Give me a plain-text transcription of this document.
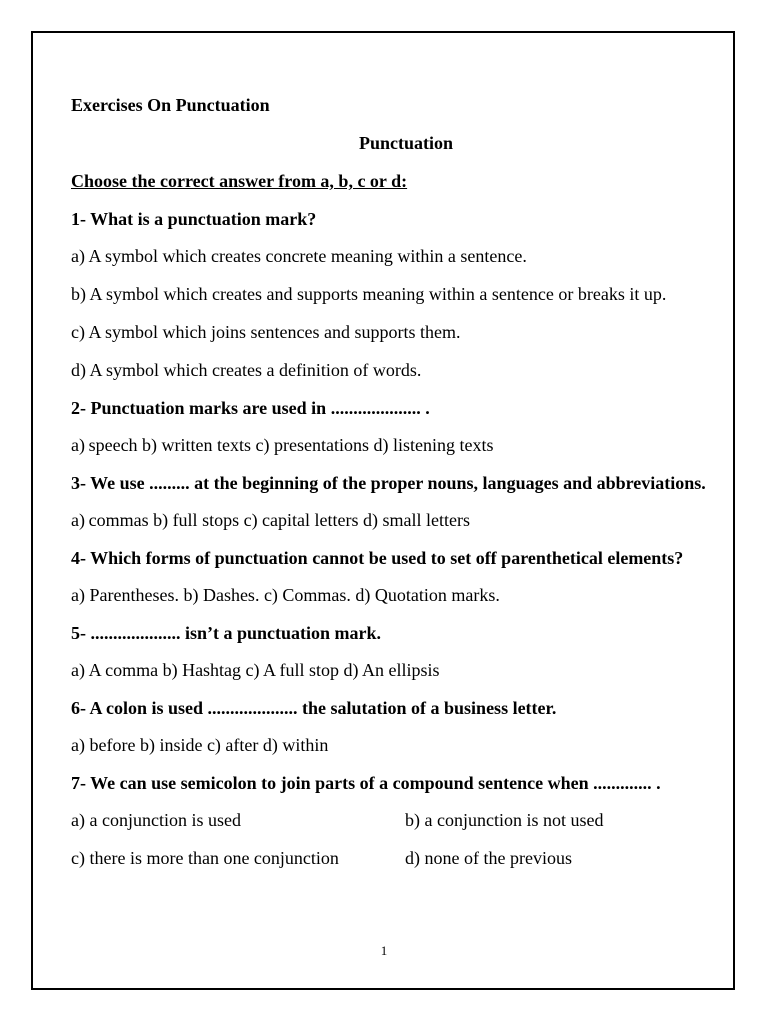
Exercises On Punctuation
Punctuation
Choose the correct answer from a, b, c or d:
1- What is a punctuation mark?
a) A symbol which creates concrete meaning within a sentence.
b) A symbol which creates and supports meaning within a sentence or breaks it up.
c) A symbol which joins sentences and supports them.
d) A symbol which creates a definition of words.
2- Punctuation marks are used in .................... .
a) speech b) written texts c) presentations d) listening texts
3- We use ......... at the beginning of the proper nouns, languages and abbreviations.
a) commas b) full stops c) capital letters d) small letters
4- Which forms of punctuation cannot be used to set off parenthetical elements?
a) Parentheses. b) Dashes. c) Commas. d) Quotation marks.
5- .................... isn’t a punctuation mark.
a) A comma b) Hashtag c) A full stop d) An ellipsis
6- A colon is used .................... the salutation of a business letter.
a) before b) inside c) after d) within
7- We can use semicolon to join parts of a compound sentence when ............. .
a) a conjunction is used	b) a conjunction is not used
c) there is more than one conjunction	d) none of the previous
1
